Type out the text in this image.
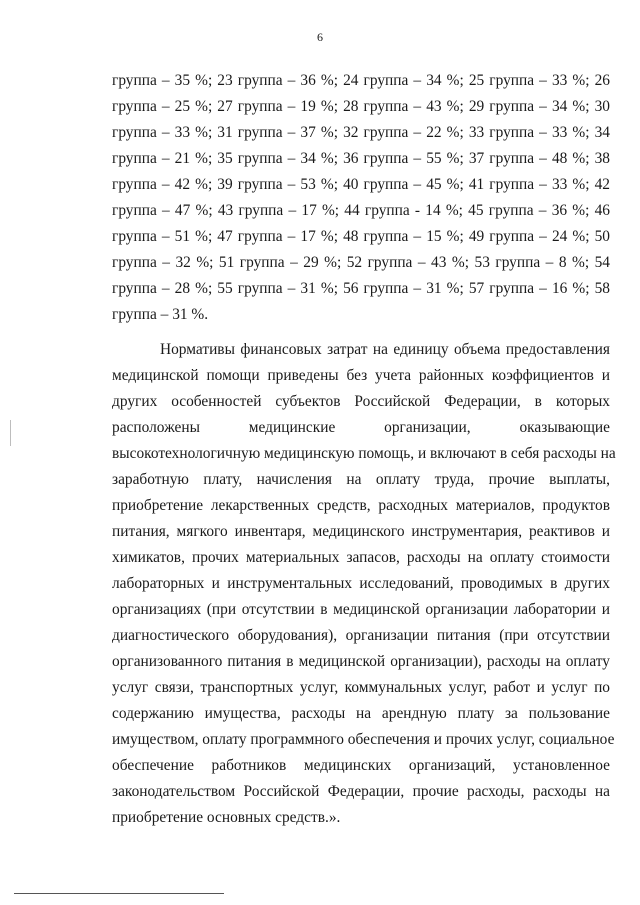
6
группа – 35 %; 23 группа – 36 %; 24 группа – 34 %; 25 группа – 33 %; 26
группа – 25 %; 27 группа – 19 %; 28 группа – 43 %; 29 группа – 34 %; 30
группа – 33 %; 31 группа – 37 %; 32 группа – 22 %; 33 группа – 33 %; 34
группа – 21 %; 35 группа – 34 %; 36 группа – 55 %; 37 группа – 48 %; 38
группа – 42 %; 39 группа – 53 %; 40 группа – 45 %; 41 группа – 33 %; 42
группа – 47 %; 43 группа – 17 %; 44 группа - 14 %; 45 группа – 36 %; 46
группа – 51 %; 47 группа – 17 %; 48 группа – 15 %; 49 группа – 24 %; 50
группа – 32 %; 51 группа – 29 %; 52 группа – 43 %; 53 группа – 8 %; 54
группа – 28 %; 55 группа – 31 %; 56 группа – 31 %; 57 группа – 16 %; 58
группа – 31 %.
Нормативы финансовых затрат на единицу объема предоставления
медицинской помощи приведены без учета районных коэффициентов и
других особенностей субъектов Российской Федерации, в которых
расположены медицинские организации, оказывающие
высокотехнологичную медицинскую помощь, и включают в себя расходы на
заработную плату, начисления на оплату труда, прочие выплаты,
приобретение лекарственных средств, расходных материалов, продуктов
питания, мягкого инвентаря, медицинского инструментария, реактивов и
химикатов, прочих материальных запасов, расходы на оплату стоимости
лабораторных и инструментальных исследований, проводимых в других
организациях (при отсутствии в медицинской организации лаборатории и
диагностического оборудования), организации питания (при отсутствии
организованного питания в медицинской организации), расходы на оплату
услуг связи, транспортных услуг, коммунальных услуг, работ и услуг по
содержанию имущества, расходы на арендную плату за пользование
имуществом, оплату программного обеспечения и прочих услуг, социальное
обеспечение работников медицинских организаций, установленное
законодательством Российской Федерации, прочие расходы, расходы на
приобретение основных средств.».
